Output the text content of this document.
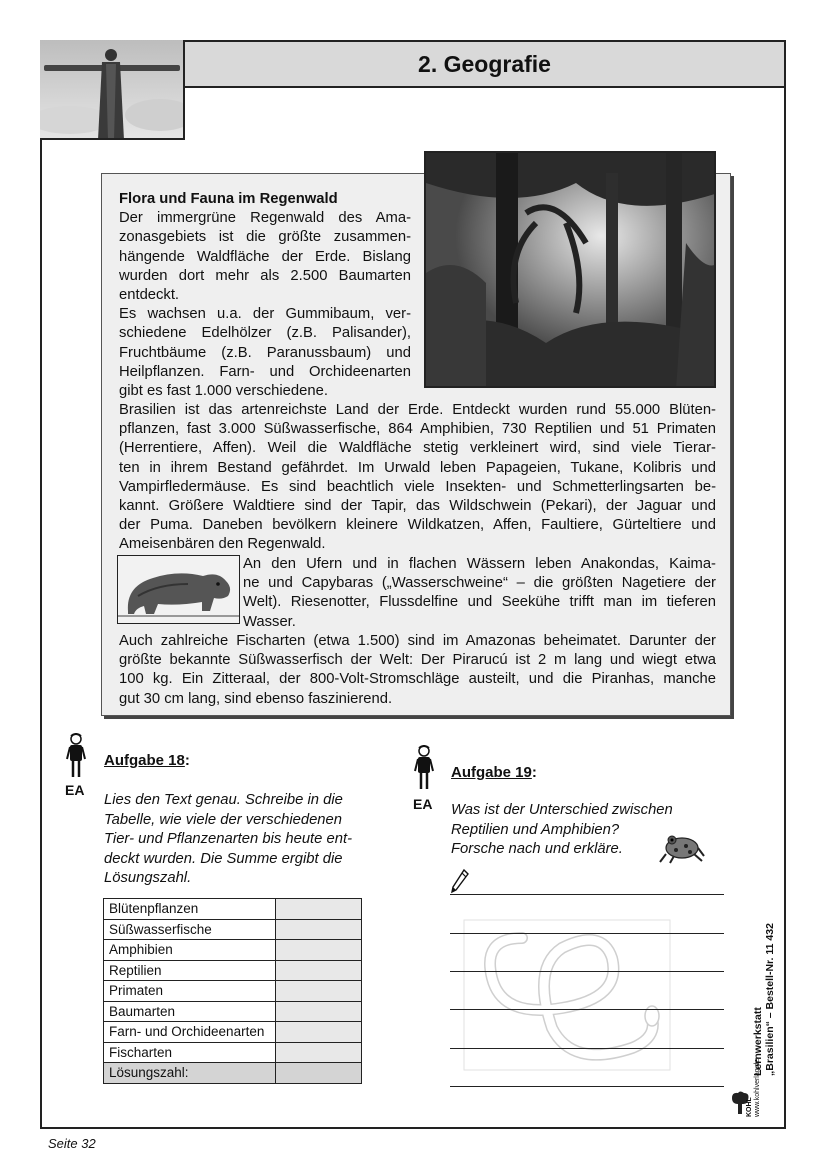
2. Geografie

Flora und Fauna im Regenwald

Der immergrüne Regenwald des Ama-

zonasgebiets ist die größte zusammen-

hängende Waldfläche der Erde. Bislang

wurden dort mehr als 2.500 Baumarten

entdeckt.

Es wachsen u.a. der Gummibaum, ver-

schiedene Edelhölzer (z.B. Palisander),

Fruchtbäume (z.B. Paranussbaum) und

Heilpflanzen. Farn- und Orchideenarten

gibt es fast 1.000 verschiedene.

Brasilien ist das artenreichste Land der Erde. Entdeckt wurden rund 55.000 Blüten-

pflanzen, fast 3.000 Süßwasserfische, 864 Amphibien, 730 Reptilien und 51 Primaten

(Herrentiere, Affen). Weil die Waldfläche stetig verkleinert wird, sind viele Tierar-

ten in ihrem Bestand gefährdet. Im Urwald leben Papageien, Tukane, Kolibris und

Vampirfledermäuse. Es sind beachtlich viele Insekten- und Schmetterlingsarten be-

kannt. Größere Waldtiere sind der Tapir, das Wildschwein (Pekari), der Jaguar und

der Puma. Daneben bevölkern kleinere Wildkatzen, Affen, Faultiere, Gürteltiere und

Ameisenbären den Regenwald.

An den Ufern und in flachen Wässern leben Anakondas, Kaima-

ne und Capybaras („Wasserschweine“ – die größten Nagetiere der

Welt). Riesenotter, Flussdelfine und Seekühe trifft man im tieferen

Wasser.

Auch zahlreiche Fischarten (etwa 1.500) sind im Amazonas beheimatet. Darunter der

größte bekannte Süßwasserfisch der Welt: Der Pirarucú ist 2 m lang und wiegt etwa

100 kg. Ein Zitteraal, der 800-Volt-Stromschläge austeilt, und die Piranhas, manche

gut 30 cm lang, sind ebenso faszinierend.

EA
Aufgabe 18:
Lies den Text genau. Schreibe in die
Tabelle, wie viele der verschiedenen
Tier- und Pflanzenarten bis heute ent-
deckt wurden. Die Summe ergibt die
Lösungszahl.
Blütenpflanzen	
Süßwasserfische	
Amphibien	
Reptilien	
Primaten	
Baumarten	
Farn- und Orchideenarten	
Fischarten	
Lösungszahl:	
EA
Aufgabe 19:
Was ist der Unterschied zwischen
Reptilien und Amphibien?
Forsche nach und erkläre.
Lernwerkstatt „Brasilien“ – Bestell-Nr. 11 432
KOHL www.kohlverlag.de
Seite 32
